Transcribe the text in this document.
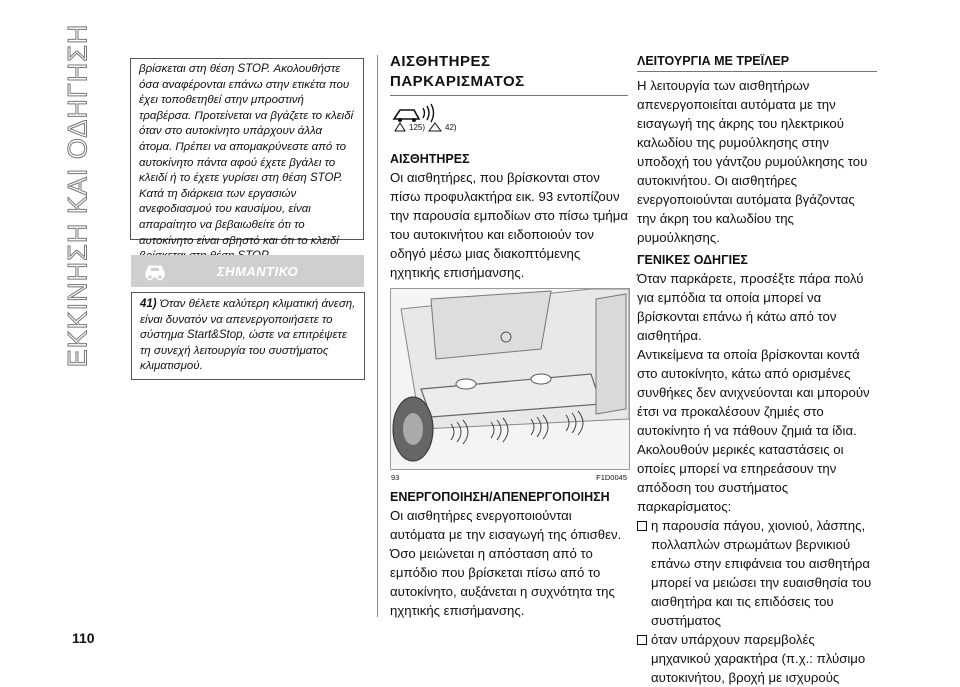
ΕΚΚΙΝΗΣΗ ΚΑΙ ΟΔΗΓΗΣΗ
110

βρίσκεται στη θέση STOP. Ακολουθήστε όσα αναφέρονται επάνω στην ετικέτα που έχει τοποθετηθεί στην μπροστινή τραβέρσα. Προτείνεται να βγάζετε το κλειδί όταν στο αυτοκίνητο υπάρχουν άλλα άτομα. Πρέπει να απομακρύνεστε από το αυτοκίνητο πάντα αφού έχετε βγάλει το κλειδί ή το έχετε γυρίσει στη θέση STOP. Κατά τη διάρκεια των εργασιών ανεφοδιασμού του καυσίμου, είναι απαραίτητο να βεβαιωθείτε ότι το αυτοκίνητο είναι σβηστό και ότι το κλειδί

ΣΗΜΑΝΤΙΚΟ

41) Όταν θέλετε καλύτερη κλιματική άνεση, είναι δυνατόν να απενεργοποιήσετε το σύστημα Start&Stop, ώστε να επιτρέψετε τη συνεχή λειτουργία του συστήματος κλιματισμού.

ΑΙΣΘΗΤΗΡΕΣ
ΠΑΡΚΑΡΙΣΜΑΤΟΣ
125) 42)
ΑΙΣΘΗΤΗΡΕΣ

Οι αισθητήρες, που βρίσκονται στον πίσω προφυλακτήρα εικ. 93 εντοπίζουν την παρουσία εμποδίων στο πίσω τμήμα του αυτοκινήτου και ειδοποιούν τον οδηγό μέσω μιας διακοπτόμενης ηχητικής επισήμανσης.

93	F1D0045
ΕΝΕΡΓΟΠΟΙΗΣΗ/ΑΠΕΝΕΡΓΟΠΟΙΗΣΗ

Οι αισθητήρες ενεργοποιούνται αυτόματα με την εισαγωγή της όπισθεν. Όσο μειώνεται η απόσταση από το εμπόδιο που βρίσκεται πίσω από το αυτοκίνητο, αυξάνεται η συχνότητα της ηχητικής επισήμανσης.

ΛΕΙΤΟΥΡΓΙΑ ΜΕ ΤΡΕΪΛΕΡ

Η λειτουργία των αισθητήρων απενεργοποιείται αυτόματα με την εισαγωγή της άκρης του ηλεκτρικού καλωδίου της ρυμούλκησης στην υποδοχή του γάντζου ρυμούλκησης του αυτοκινήτου. Οι αισθητήρες ενεργοποιούνται αυτόματα βγάζοντας την άκρη του καλωδίου της ρυμούλκησης.

ΓΕΝΙΚΕΣ ΟΔΗΓΙΕΣ

Όταν παρκάρετε, προσέξτε πάρα πολύ για εμπόδια τα οποία μπορεί να βρίσκονται επάνω ή κάτω από τον αισθητήρα.

Αντικείμενα τα οποία βρίσκονται κοντά στο αυτοκίνητο, κάτω από ορισμένες συνθήκες δεν ανιχνεύονται και μπορούν έτσι να προκαλέσουν ζημιές στο αυτοκίνητο ή να πάθουν ζημιά τα ίδια.

Ακολουθούν μερικές καταστάσεις οι οποίες μπορεί να επηρεάσουν την απόδοση του συστήματος παρκαρίσματος:

η παρουσία πάγου, χιονιού, λάσπης, πολλαπλών στρωμάτων βερνικιού επάνω στην επιφάνεια του αισθητήρα μπορεί να μειώσει την ευαισθησία του αισθητήρα και τις επιδόσεις του συστήματος

όταν υπάρχουν παρεμβολές μηχανικού χαρακτήρα (π.χ.: πλύσιμο αυτοκινήτου, βροχή με ισχυρούς
